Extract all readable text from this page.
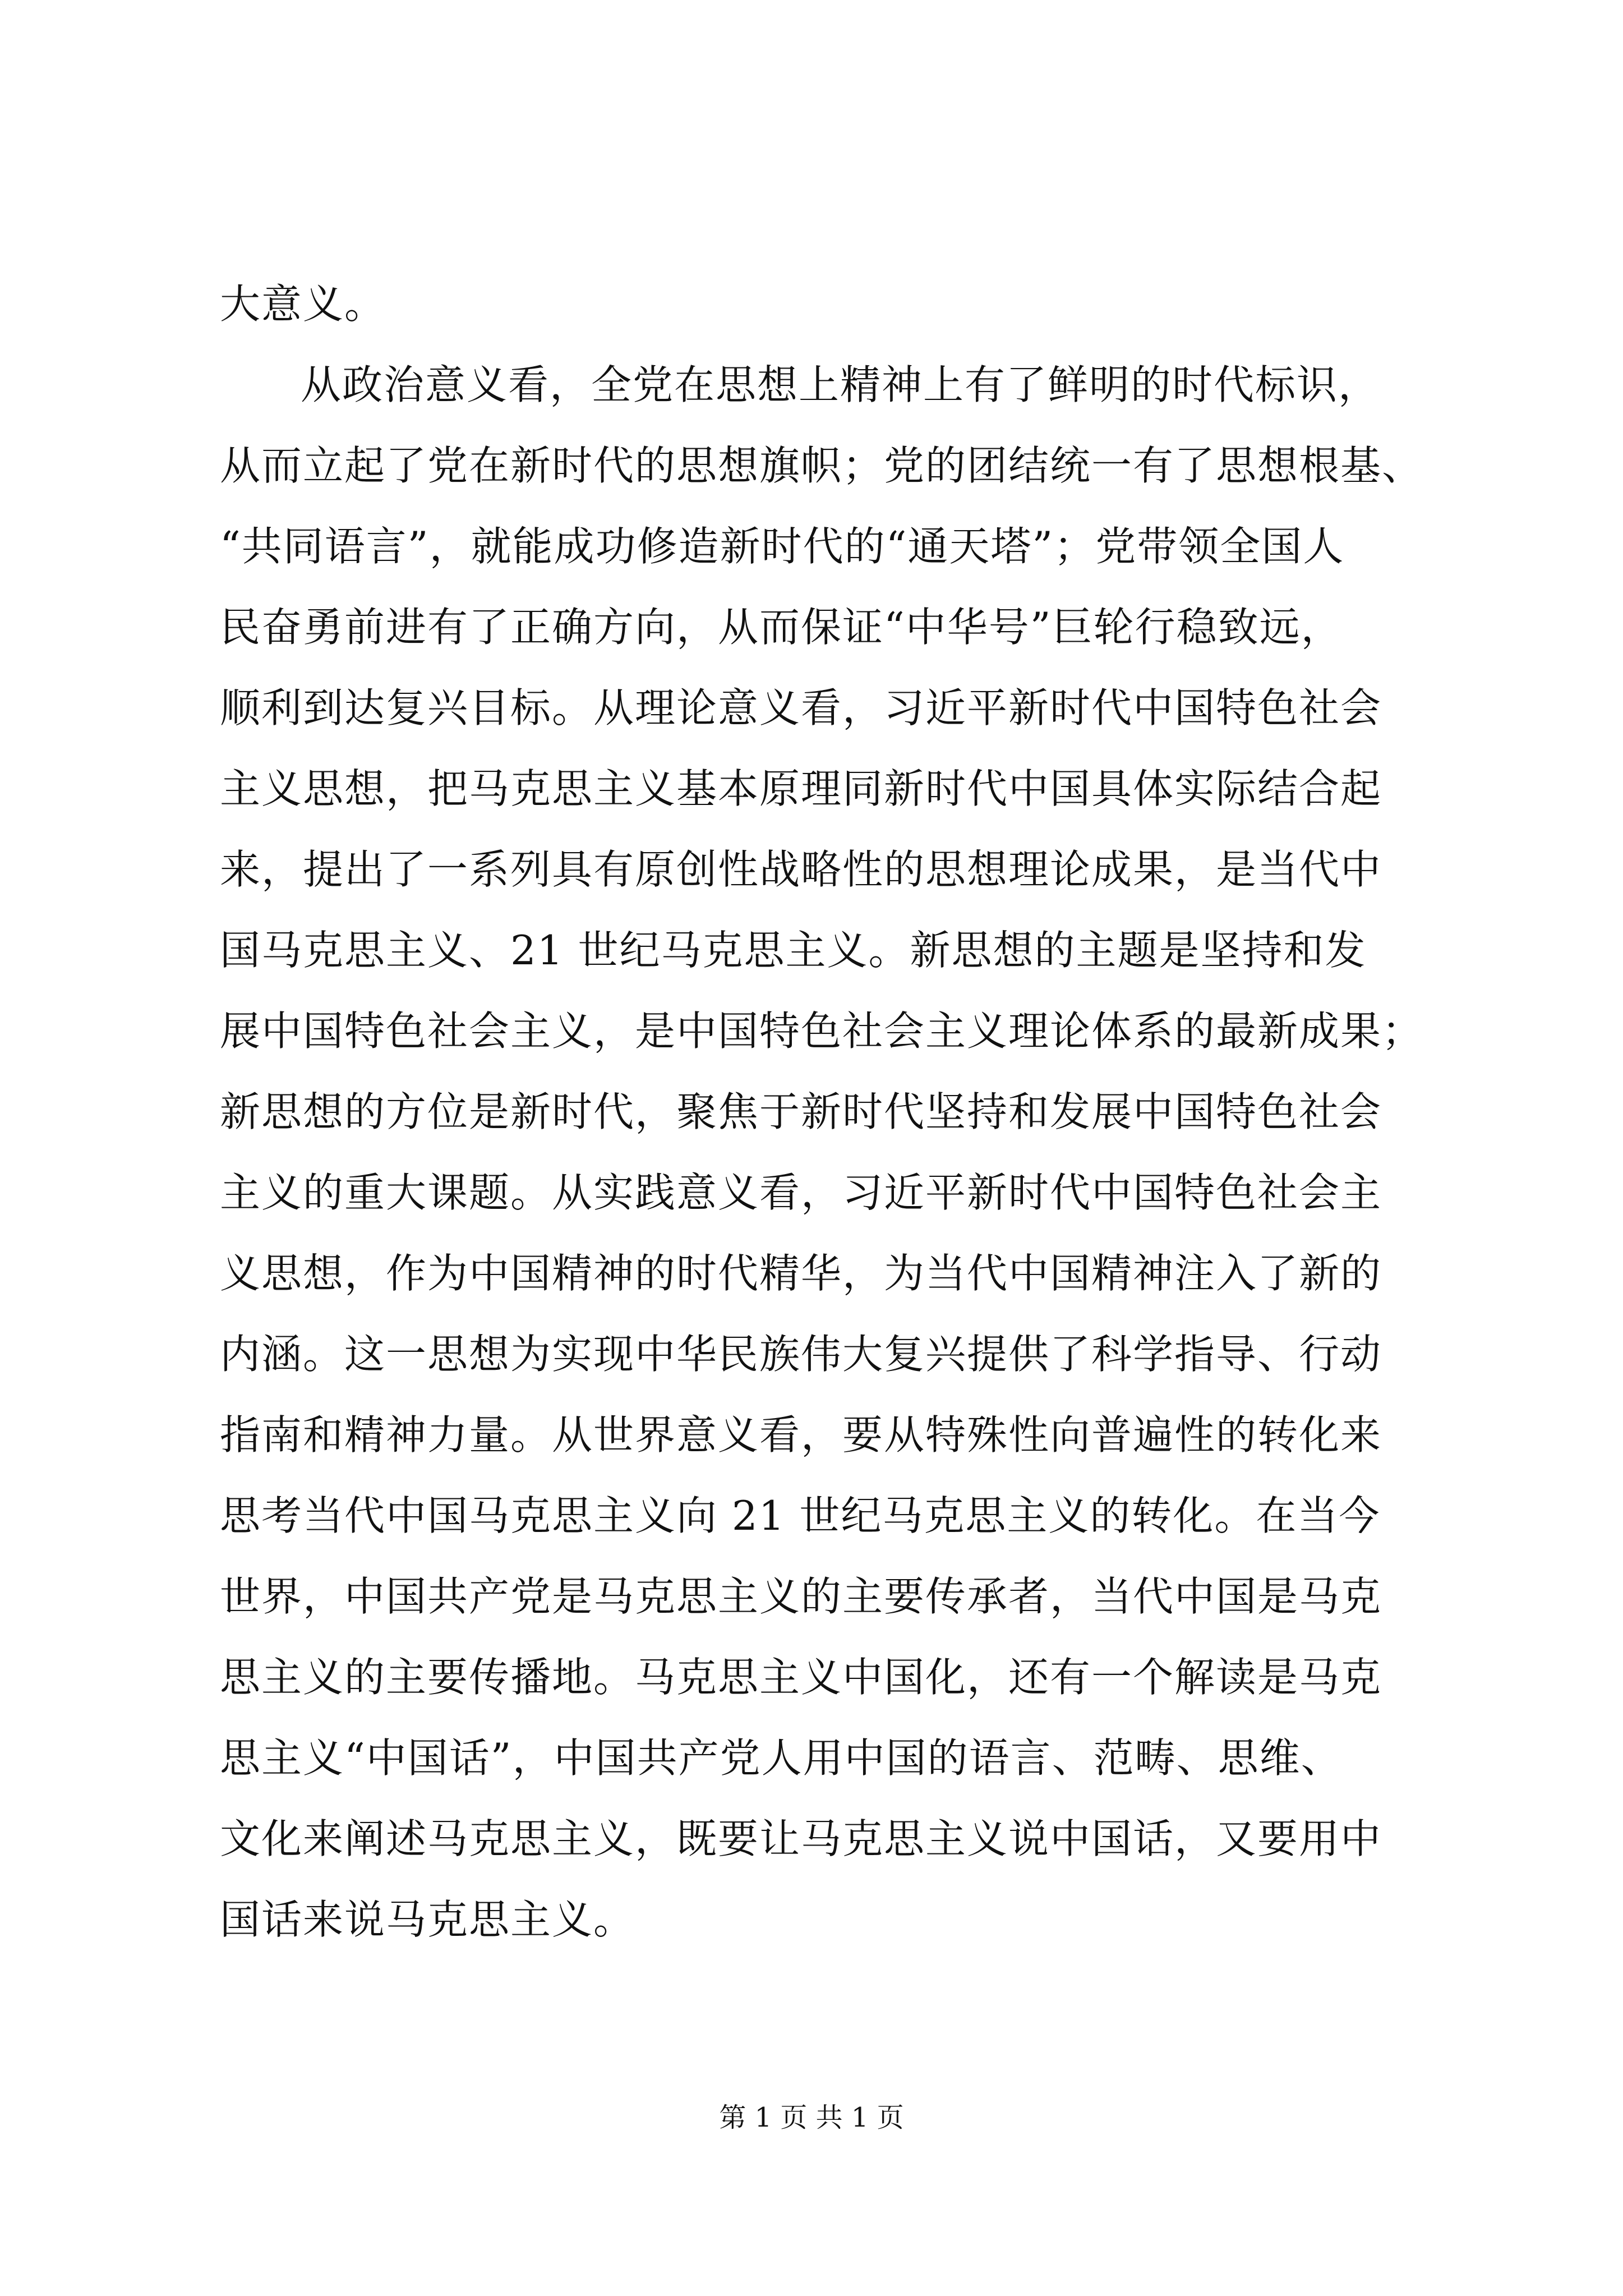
大意义。
从政治意义看，全党在思想上精神上有了鲜明的时代标识，
从而立起了党在新时代的思想旗帜；党的团结统一有了思想根基、
“共同语言”，就能成功修造新时代的“通天塔”；党带领全国人
民奋勇前进有了正确方向，从而保证“中华号”巨轮行稳致远，
顺利到达复兴目标。从理论意义看，习近平新时代中国特色社会
主义思想，把马克思主义基本原理同新时代中国具体实际结合起
来，提出了一系列具有原创性战略性的思想理论成果，是当代中
国马克思主义、21 世纪马克思主义。新思想的主题是坚持和发
展中国特色社会主义，是中国特色社会主义理论体系的最新成果；
新思想的方位是新时代，聚焦于新时代坚持和发展中国特色社会
主义的重大课题。从实践意义看，习近平新时代中国特色社会主
义思想，作为中国精神的时代精华，为当代中国精神注入了新的
内涵。这一思想为实现中华民族伟大复兴提供了科学指导、行动
指南和精神力量。从世界意义看，要从特殊性向普遍性的转化来
思考当代中国马克思主义向 21 世纪马克思主义的转化。在当今
世界，中国共产党是马克思主义的主要传承者，当代中国是马克
思主义的主要传播地。马克思主义中国化，还有一个解读是马克
思主义“中国话”，中国共产党人用中国的语言、范畴、思维、
文化来阐述马克思主义，既要让马克思主义说中国话，又要用中
国话来说马克思主义。
第 1 页 共 1 页
